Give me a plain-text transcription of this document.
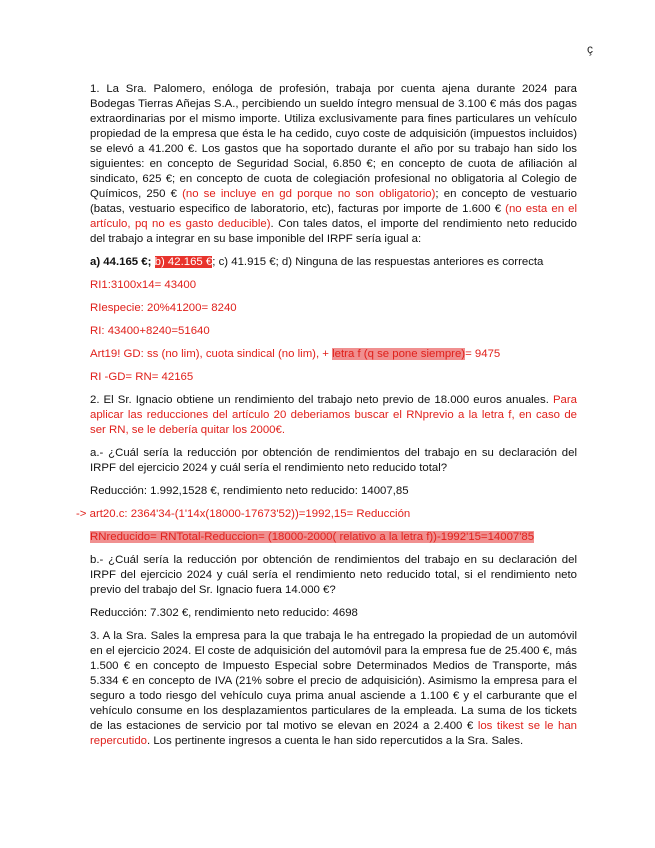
ç

1. La Sra. Palomero, enóloga de profesión, trabaja por cuenta ajena durante 2024 para Bodegas Tierras Añejas S.A., percibiendo un sueldo íntegro mensual de 3.100 € más dos pagas extraordinarias por el mismo importe. Utiliza exclusivamente para fines particulares un vehículo propiedad de la empresa que ésta le ha cedido, cuyo coste de adquisición (impuestos incluidos) se elevó a 41.200 €. Los gastos que ha soportado durante el año por su trabajo han sido los siguientes: en concepto de Seguridad Social, 6.850 €; en concepto de cuota de afiliación al sindicato, 625 €; en concepto de cuota de colegiación profesional no obligatoria al Colegio de Químicos, 250 € (no se incluye en gd porque no son obligatorio); en concepto de vestuario (batas, vestuario especifico de laboratorio, etc), facturas por importe de 1.600 € (no esta en el artículo, pq no es gasto deducible). Con tales datos, el importe del rendimiento neto reducido del trabajo a integrar en su base imponible del IRPF sería igual a:

a) 44.165 €; b) 42.165 €; c) 41.915 €; d) Ninguna de las respuestas anteriores es correcta

RI1:3100x14= 43400

RIespecie: 20%41200= 8240

RI: 43400+8240=51640

Art19! GD: ss (no lim), cuota sindical (no lim), + letra f (q se pone siempre)= 9475

RI -GD= RN= 42165

2. El Sr. Ignacio obtiene un rendimiento del trabajo neto previo de 18.000 euros anuales. Para aplicar las reducciones del artículo 20 deberiamos buscar el RNprevio a la letra f, en caso de ser RN, se le debería quitar los 2000€.

a.- ¿Cuál sería la reducción por obtención de rendimientos del trabajo en su declaración del IRPF del ejercicio 2024 y cuál sería el rendimiento neto reducido total?

Reducción: 1.992,1528 €, rendimiento neto reducido: 14007,85

-> art20.c: 2364'34-(1'14x(18000-17673'52))=1992,15= Reducción

RNreducido= RNTotal-Reduccion= (18000-2000( relativo a la letra f))-1992'15=14007'85

b.- ¿Cuál sería la reducción por obtención de rendimientos del trabajo en su declaración del IRPF del ejercicio 2024 y cuál sería el rendimiento neto reducido total, si el rendimiento neto previo del trabajo del Sr. Ignacio fuera 14.000 €?

Reducción: 7.302 €, rendimiento neto reducido: 4698

3. A la Sra. Sales la empresa para la que trabaja le ha entregado la propiedad de un automóvil en el ejercicio 2024. El coste de adquisición del automóvil para la empresa fue de 25.400 €, más 1.500 € en concepto de Impuesto Especial sobre Determinados Medios de Transporte, más 5.334 € en concepto de IVA (21% sobre el precio de adquisición). Asimismo la empresa para el seguro a todo riesgo del vehículo cuya prima anual asciende a 1.100 € y el carburante que el vehículo consume en los desplazamientos particulares de la empleada. La suma de los tickets de las estaciones de servicio por tal motivo se elevan en 2024 a 2.400 € los tikest se le han repercutido. Los pertinente ingresos a cuenta le han sido repercutidos a la Sra. Sales.
